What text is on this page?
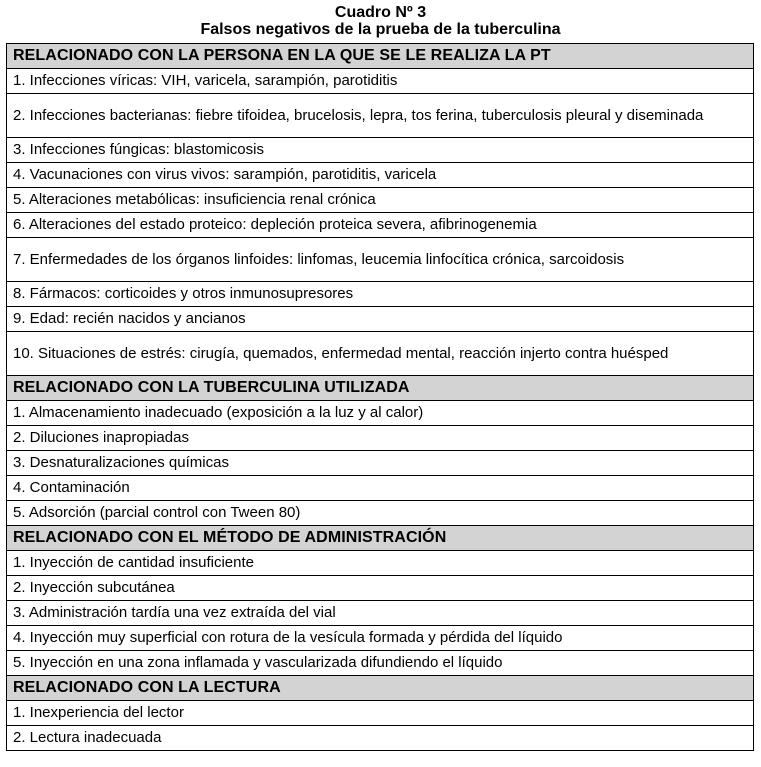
Cuadro Nº 3
Falsos negativos de la prueba de la tuberculina
RELACIONADO CON LA PERSONA EN LA QUE SE LE REALIZA LA PT

1. Infecciones víricas: VIH, varicela, sarampión, parotiditis

2. Infecciones bacterianas: fiebre tifoidea, brucelosis, lepra, tos ferina, tuberculosis pleural y diseminada

3. Infecciones fúngicas: blastomicosis

4. Vacunaciones con virus vivos: sarampión, parotiditis, varicela

5. Alteraciones metabólicas: insuficiencia renal crónica

6. Alteraciones del estado proteico: depleción proteica severa, afibrinogenemia

7. Enfermedades de los órganos linfoides: linfomas, leucemia linfocítica crónica, sarcoidosis

8. Fármacos: corticoides y otros inmunosupresores

9. Edad: recién nacidos y ancianos

10. Situaciones de estrés: cirugía, quemados, enfermedad mental, reacción injerto contra huésped

RELACIONADO CON LA TUBERCULINA UTILIZADA

1. Almacenamiento inadecuado (exposición a la luz y al calor)

2. Diluciones inapropiadas

3. Desnaturalizaciones químicas

4. Contaminación

5. Adsorción (parcial control con Tween 80)

RELACIONADO CON EL MÉTODO DE ADMINISTRACIÓN

1. Inyección de cantidad insuficiente

2. Inyección subcutánea

3. Administración tardía una vez extraída del vial

4. Inyección muy superficial con rotura de la vesícula formada y pérdida del líquido

5. Inyección en una zona inflamada y vascularizada difundiendo el líquido

RELACIONADO CON LA LECTURA

1. Inexperiencia del lector

2. Lectura inadecuada
